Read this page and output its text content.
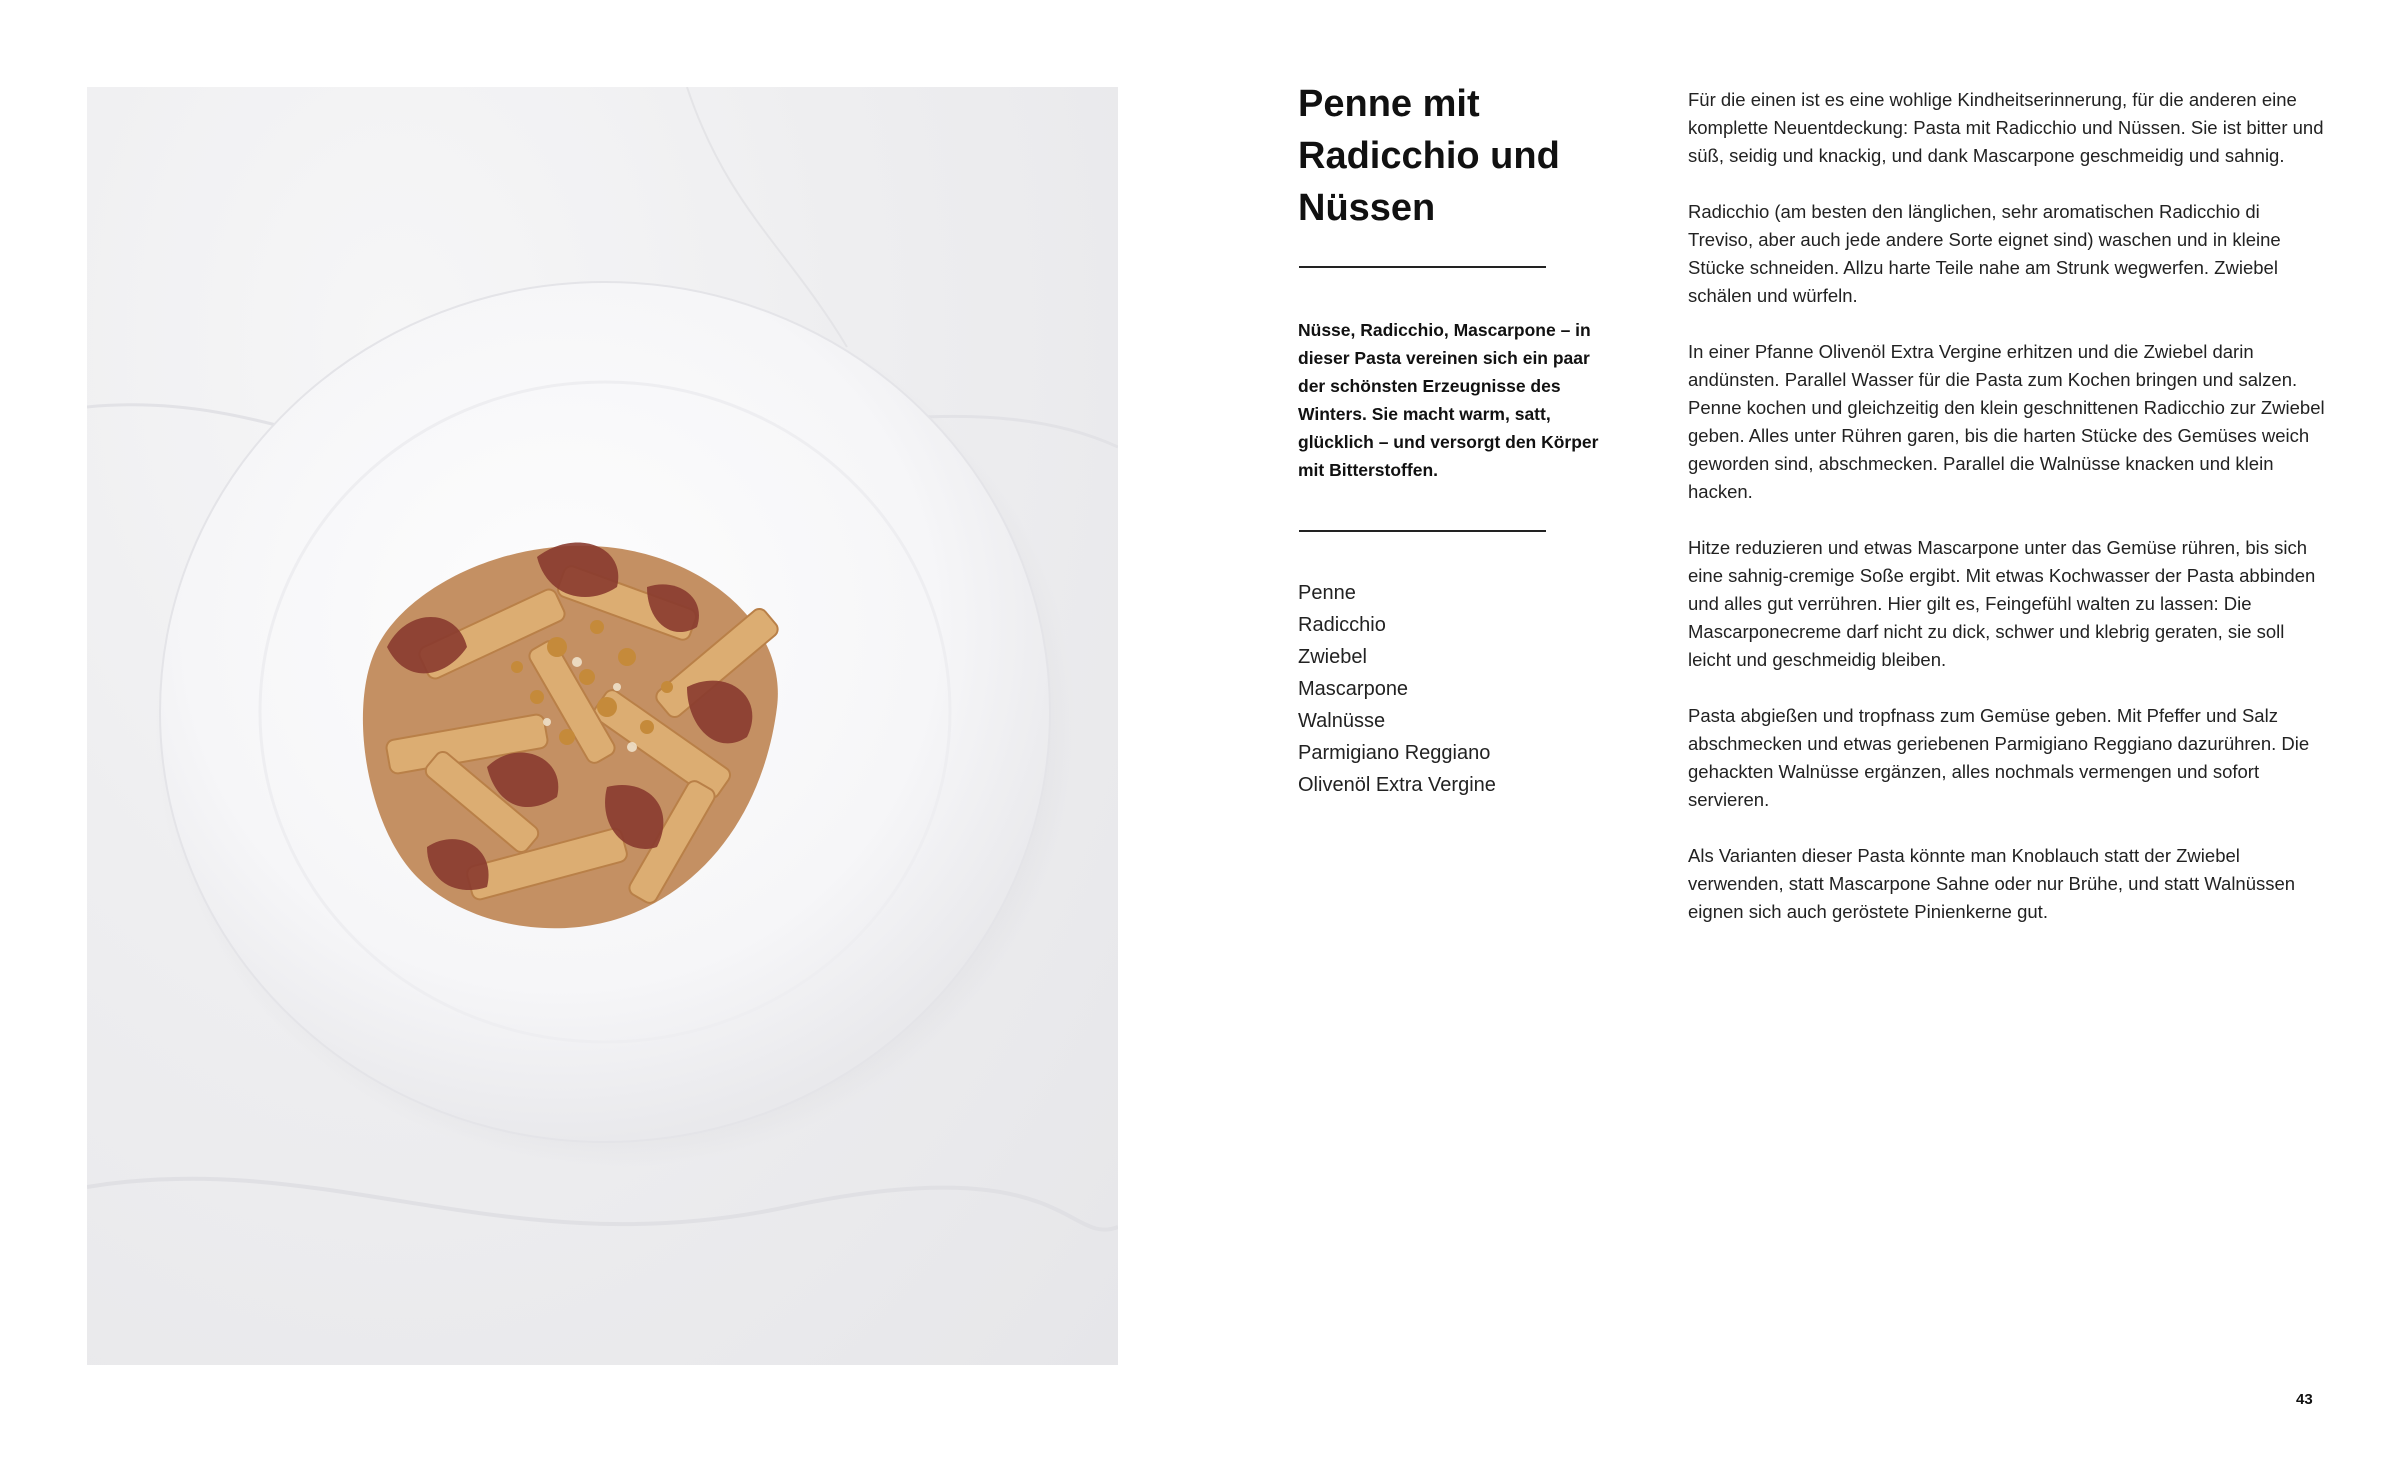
Penne mit
Radicchio und
Nüssen

Nüsse, Radicchio, Mascarpone – in dieser Pasta vereinen sich ein paar der schönsten Erzeugnisse des Winters. Sie macht warm, satt, glücklich – und versorgt den Körper mit Bitterstoffen.

Penne
Radicchio
Zwiebel
Mascarpone
Walnüsse
Parmigiano Reggiano
Olivenöl Extra Vergine

Für die einen ist es eine wohlige Kindheitserinnerung, für die anderen eine komplette Neuentdeckung: Pasta mit Radicchio und Nüssen. Sie ist bitter und süß, seidig und knackig, und dank Mascarpone geschmeidig und sahnig.

Radicchio (am besten den länglichen, sehr aromatischen Radicchio di Treviso, aber auch jede andere Sorte eignet sind) waschen und in kleine Stücke schneiden. Allzu harte Teile nahe am Strunk wegwerfen. Zwiebel schälen und würfeln.

In einer Pfanne Olivenöl Extra Vergine erhitzen und die Zwiebel darin andünsten. Parallel Wasser für die Pasta zum Kochen bringen und salzen. Penne kochen und gleichzeitig den klein geschnittenen Radicchio zur Zwiebel geben. Alles unter Rühren garen, bis die harten Stücke des Gemüses weich geworden sind, abschmecken. Parallel die Walnüsse knacken und klein hacken.

Hitze reduzieren und etwas Mascarpone unter das Gemüse rühren, bis sich eine sahnig-cremige Soße ergibt. Mit etwas Kochwasser der Pasta abbinden und alles gut verrühren. Hier gilt es, Feingefühl walten zu lassen: Die Mascarponecreme darf nicht zu dick, schwer und klebrig geraten, sie soll leicht und geschmeidig bleiben.

Pasta abgießen und tropfnass zum Gemüse geben. Mit Pfeffer und Salz abschmecken und etwas geriebenen Parmigiano Reggiano dazurühren. Die gehackten Walnüsse ergänzen, alles nochmals vermengen und sofort servieren.

Als Varianten dieser Pasta könnte man Knoblauch statt der Zwiebel verwenden, statt Mascarpone Sahne oder nur Brühe, und statt Walnüssen eignen sich auch geröstete Pinienkerne gut.

43
